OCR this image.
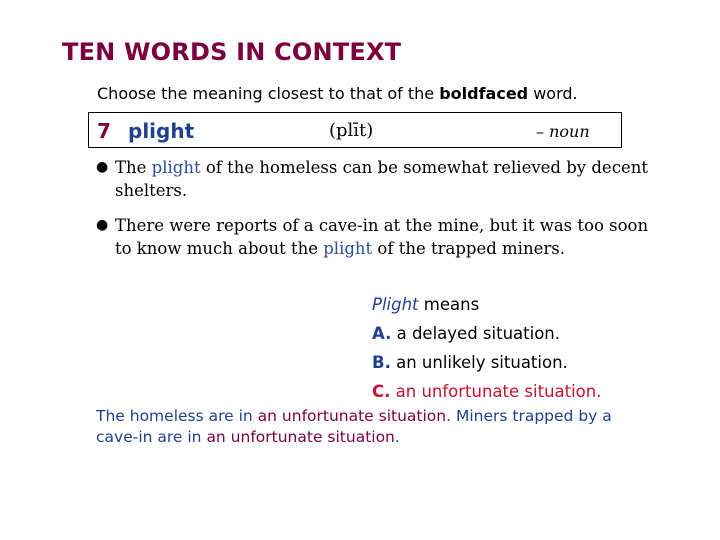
TEN WORDS IN CONTEXT
Choose the meaning closest to that of the boldfaced word.
7 plight	(plīt)	– noun
● The plight of the homeless can be somewhat relieved by decent shelters.
● There were reports of a cave-in at the mine, but it was too soon to know much about the plight of the trapped miners.
Plight means
A. a delayed situation.
B. an unlikely situation.
C. an unfortunate situation.
The homeless are in an unfortunate situation. Miners trapped by a cave-in are in an unfortunate situation.
